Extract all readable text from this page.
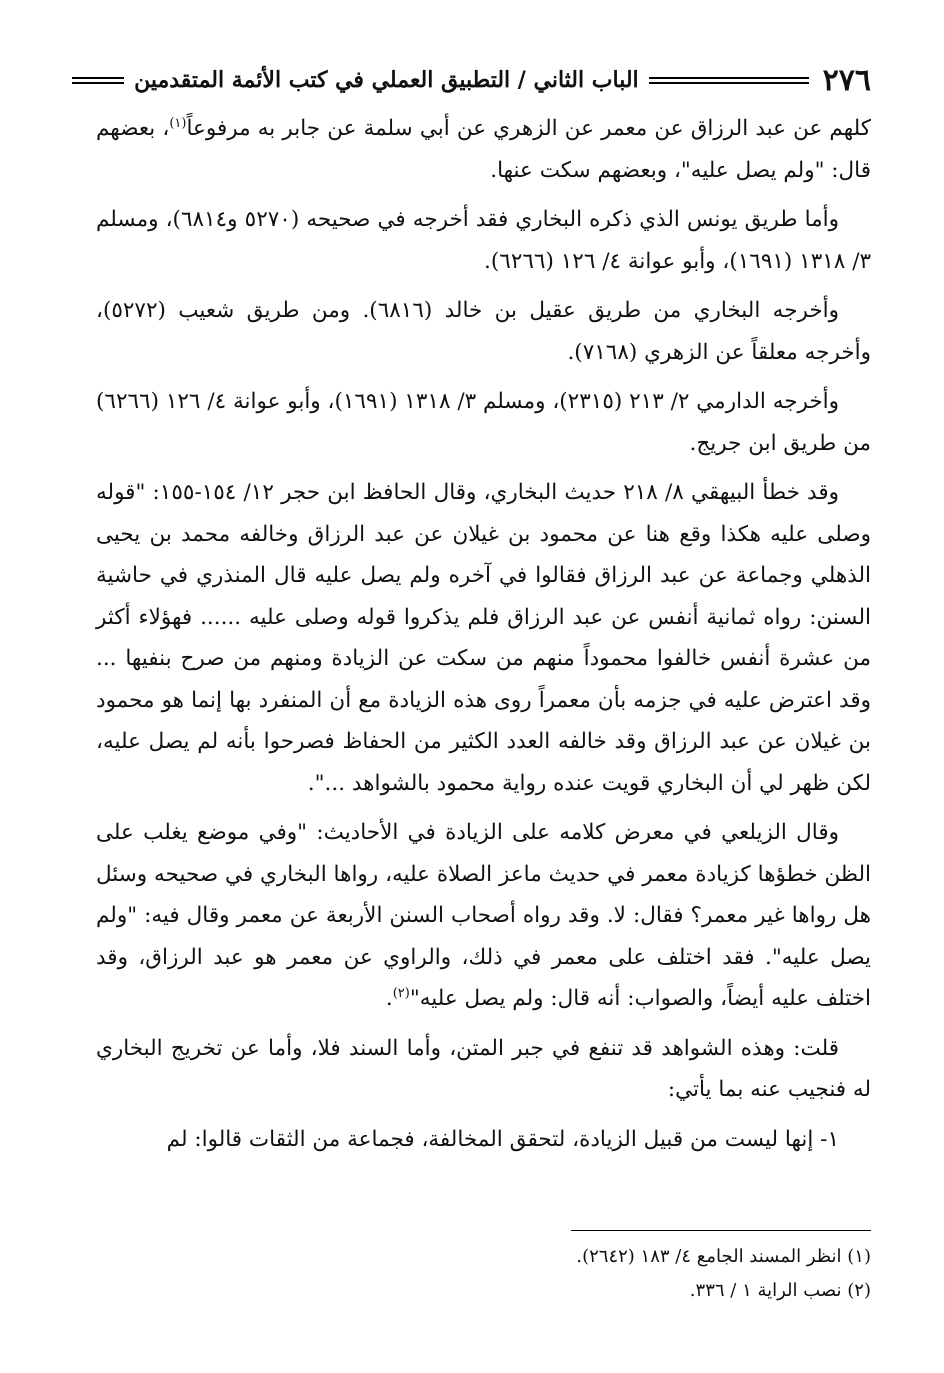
٢٧٦
الباب الثاني / التطبيق العملي في كتب الأئمة المتقدمين

كلهم عن عبد الرزاق عن معمر عن الزهري عن أبي سلمة عن جابر به مرفوعاً$^{(١)}$، بعضهم قال: "ولم يصل عليه"، وبعضهم سكت عنها.

وأما طريق يونس الذي ذكره البخاري فقد أخرجه في صحيحه (٥٢٧٠ و٦٨١٤)، ومسلم ٣/ ١٣١٨ (١٦٩١)، وأبو عوانة ٤/ ١٢٦ (٦٢٦٦).

وأخرجه البخاري من طريق عقيل بن خالد (٦٨١٦). ومن طريق شعيب (٥٢٧٢)، وأخرجه معلقاً عن الزهري (٧١٦٨).

وأخرجه الدارمي ٢/ ٢١٣ (٢٣١٥)، ومسلم ٣/ ١٣١٨ (١٦٩١)، وأبو عوانة ٤/ ١٢٦ (٦٢٦٦) من طريق ابن جريج.

وقد خطأ البيهقي ٨/ ٢١٨ حديث البخاري، وقال الحافظ ابن حجر ١٢/ ١٥٤-١٥٥: "قوله وصلى عليه هكذا وقع هنا عن محمود بن غيلان عن عبد الرزاق وخالفه محمد بن يحيى الذهلي وجماعة عن عبد الرزاق فقالوا في آخره ولم يصل عليه قال المنذري في حاشية السنن: رواه ثمانية أنفس عن عبد الرزاق فلم يذكروا قوله وصلى عليه ...... فهؤلاء أكثر من عشرة أنفس خالفوا محموداً منهم من سكت عن الزيادة ومنهم من صرح بنفيها ... وقد اعترض عليه في جزمه بأن معمراً روى هذه الزيادة مع أن المنفرد بها إنما هو محمود بن غيلان عن عبد الرزاق وقد خالفه العدد الكثير من الحفاظ فصرحوا بأنه لم يصل عليه، لكن ظهر لي أن البخاري قويت عنده رواية محمود بالشواهد ...".

وقال الزيلعي في معرض كلامه على الزيادة في الأحاديث: "وفي موضع يغلب على الظن خطؤها كزيادة معمر في حديث ماعز الصلاة عليه، رواها البخاري في صحيحه وسئل هل رواها غير معمر؟ فقال: لا. وقد رواه أصحاب السنن الأربعة عن معمر وقال فيه: "ولم يصل عليه". فقد اختلف على معمر في ذلك، والراوي عن معمر هو عبد الرزاق، وقد اختلف عليه أيضاً، والصواب: أنه قال: ولم يصل عليه"$^{(٢)}$.

قلت: وهذه الشواهد قد تنفع في جبر المتن، وأما السند فلا، وأما عن تخريج البخاري له فنجيب عنه بما يأتي:

١- إنها ليست من قبيل الزيادة، لتحقق المخالفة، فجماعة من الثقات قالوا: لم

(١) انظر المسند الجامع ٤/ ١٨٣ (٢٦٤٢).
(٢) نصب الراية ١ / ٣٣٦.
